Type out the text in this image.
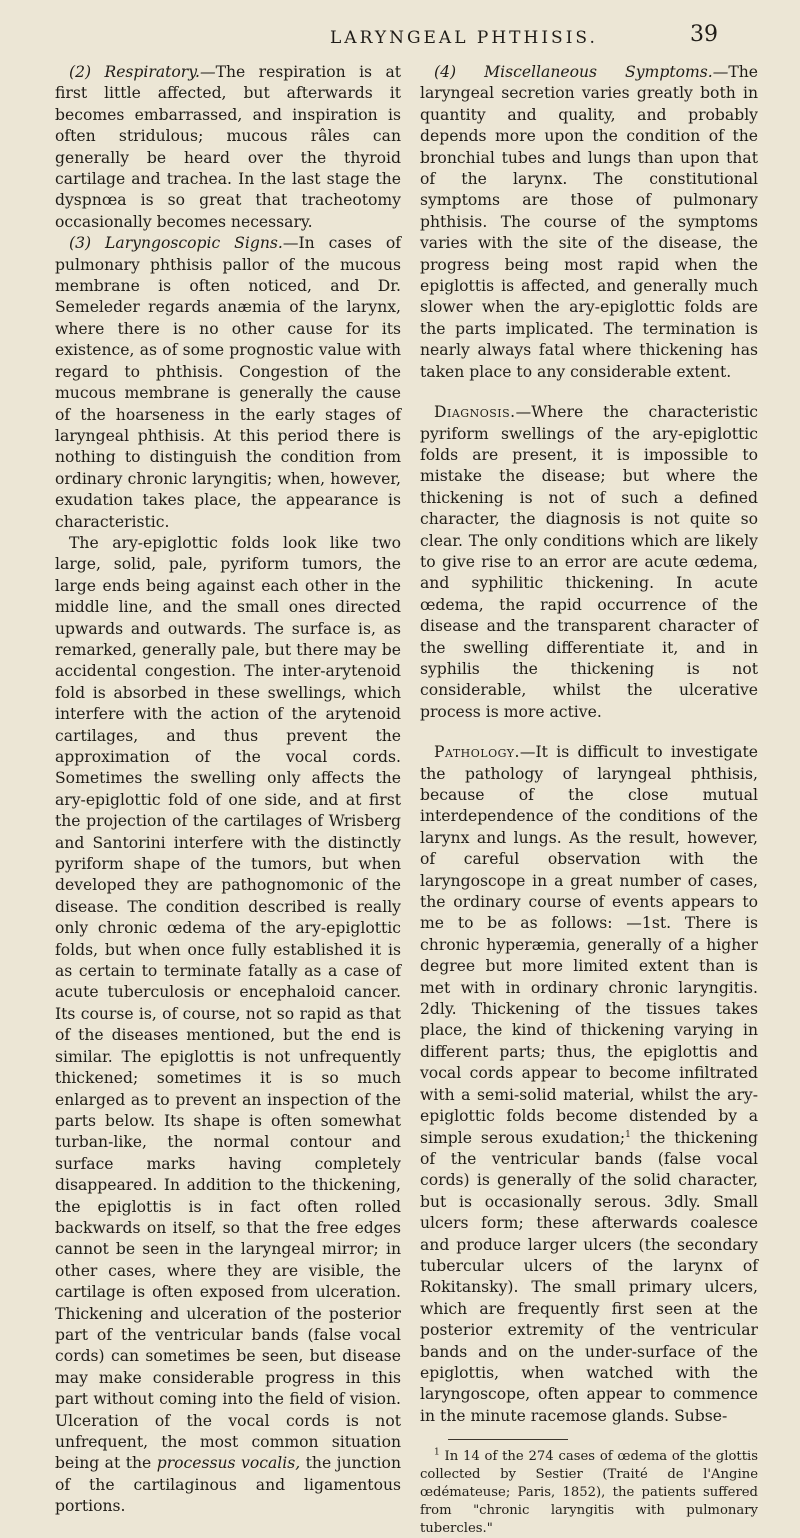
LARYNGEAL PHTHISIS.	39

(2) Respiratory.—The respiration is at first little affected, but afterwards it becomes embarrassed, and inspiration is often stridulous; mucous râles can generally be heard over the thyroid cartilage and trachea. In the last stage the dyspnœa is so great that tracheotomy occasionally becomes necessary.

(3) Laryngoscopic Signs.—In cases of pulmonary phthisis pallor of the mucous membrane is often noticed, and Dr. Semeleder regards anæmia of the larynx, where there is no other cause for its existence, as of some prognostic value with regard to phthisis. Congestion of the mucous membrane is generally the cause of the hoarseness in the early stages of laryngeal phthisis. At this period there is nothing to distinguish the condition from ordinary chronic laryngitis; when, however, exudation takes place, the appearance is characteristic.

The ary-epiglottic folds look like two large, solid, pale, pyriform tumors, the large ends being against each other in the middle line, and the small ones directed upwards and outwards. The surface is, as remarked, generally pale, but there may be accidental congestion. The inter-arytenoid fold is absorbed in these swellings, which interfere with the action of the arytenoid cartilages, and thus prevent the approximation of the vocal cords. Sometimes the swelling only affects the ary-epiglottic fold of one side, and at first the projection of the cartilages of Wrisberg and Santorini interfere with the distinctly pyriform shape of the tumors, but when developed they are pathognomonic of the disease. The condition described is really only chronic œdema of the ary-epiglottic folds, but when once fully established it is as certain to terminate fatally as a case of acute tuberculosis or encephaloid cancer. Its course is, of course, not so rapid as that of the diseases mentioned, but the end is similar. The epiglottis is not unfrequently thickened; sometimes it is so much enlarged as to prevent an inspection of the parts below. Its shape is often somewhat turban-like, the normal contour and surface marks having completely disappeared. In addition to the thickening, the epiglottis is in fact often rolled backwards on itself, so that the free edges cannot be seen in the laryngeal mirror; in other cases, where they are visible, the cartilage is often exposed from ulceration. Thickening and ulceration of the posterior part of the ventricular bands (false vocal cords) can sometimes be seen, but disease may make considerable progress in this part without coming into the field of vision. Ulceration of the vocal cords is not unfrequent, the most common situation being at the processus vocalis, the junction of the cartilaginous and ligamentous portions.

(4) Miscellaneous Symptoms.—The laryngeal secretion varies greatly both in quantity and quality, and probably depends more upon the condition of the bronchial tubes and lungs than upon that of the larynx. The constitutional symptoms are those of pulmonary phthisis. The course of the symptoms varies with the site of the disease, the progress being most rapid when the epiglottis is affected, and generally much slower when the ary-epiglottic folds are the parts implicated. The termination is nearly always fatal where thickening has taken place to any considerable extent.

Diagnosis.—Where the characteristic pyriform swellings of the ary-epiglottic folds are present, it is impossible to mistake the disease; but where the thickening is not of such a defined character, the diagnosis is not quite so clear. The only conditions which are likely to give rise to an error are acute œdema, and syphilitic thickening. In acute œdema, the rapid occurrence of the disease and the transparent character of the swelling differentiate it, and in syphilis the thickening is not considerable, whilst the ulcerative process is more active.

Pathology.—It is difficult to investigate the pathology of laryngeal phthisis, because of the close mutual interdependence of the conditions of the larynx and lungs. As the result, however, of careful observation with the laryngoscope in a great number of cases, the ordinary course of events appears to me to be as follows: —1st. There is chronic hyperæmia, generally of a higher degree but more limited extent than is met with in ordinary chronic laryngitis. 2dly. Thickening of the tissues takes place, the kind of thickening varying in different parts; thus, the epiglottis and vocal cords appear to become infiltrated with a semi-solid material, whilst the ary-epiglottic folds become distended by a simple serous exudation;$^1$ the thickening of the ventricular bands (false vocal cords) is generally of the solid character, but is occasionally serous. 3dly. Small ulcers form; these afterwards coalesce and produce larger ulcers (the secondary tubercular ulcers of the larynx of Rokitansky). The small primary ulcers, which are frequently first seen at the posterior extremity of the ventricular bands and on the under-surface of the epiglottis, when watched with the laryngoscope, often appear to commence in the minute racemose glands. Subse-

$^1$ In 14 of the 274 cases of œdema of the glottis collected by Sestier (Traité de l'Angine œdémateuse; Paris, 1852), the patients suffered from "chronic laryngitis with pulmonary tubercles."
